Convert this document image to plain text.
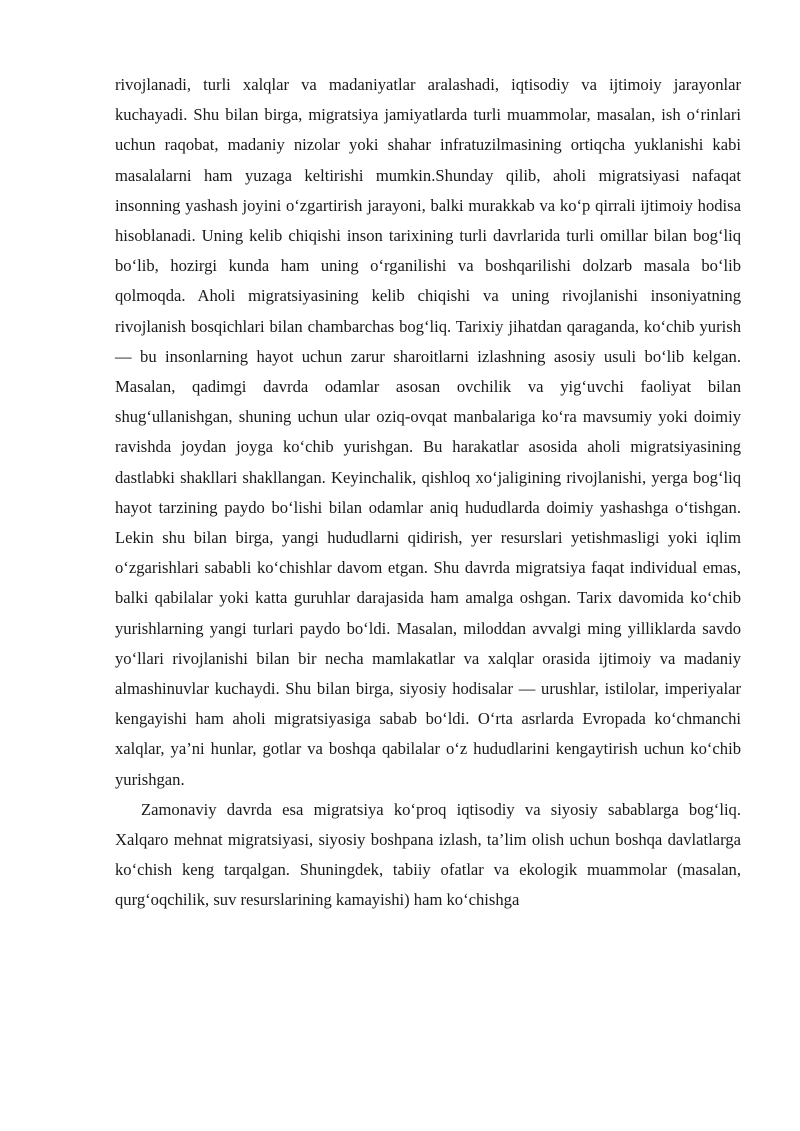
rivojlanadi, turli xalqlar va madaniyatlar aralashadi, iqtisodiy va ijtimoiy jarayonlar kuchayadi. Shu bilan birga, migratsiya jamiyatlarda turli muammolar, masalan, ish o‘rinlari uchun raqobat, madaniy nizolar yoki shahar infratuzilmasining ortiqcha yuklanishi kabi masalalarni ham yuzaga keltirishi mumkin.Shunday qilib, aholi migratsiyasi nafaqat insonning yashash joyini o‘zgartirish jarayoni, balki murakkab va ko‘p qirrali ijtimoiy hodisa hisoblanadi. Uning kelib chiqishi inson tarixining turli davrlarida turli omillar bilan bog‘liq bo‘lib, hozirgi kunda ham uning o‘rganilishi va boshqarilishi dolzarb masala bo‘lib qolmoqda. Aholi migratsiyasining kelib chiqishi va uning rivojlanishi insoniyatning rivojlanish bosqichlari bilan chambarchas bog‘liq. Tarixiy jihatdan qaraganda, ko‘chib yurish — bu insonlarning hayot uchun zarur sharoitlarni izlashning asosiy usuli bo‘lib kelgan. Masalan, qadimgi davrda odamlar asosan ovchilik va yig‘uvchi faoliyat bilan shug‘ullanishgan, shuning uchun ular oziq-ovqat manbalariga ko‘ra mavsumiy yoki doimiy ravishda joydan joyga ko‘chib yurishgan. Bu harakatlar asosida aholi migratsiyasining dastlabki shakllari shakllangan. Keyinchalik, qishloq xo‘jaligining rivojlanishi, yerga bog‘liq hayot tarzining paydo bo‘lishi bilan odamlar aniq hududlarda doimiy yashashga o‘tishgan. Lekin shu bilan birga, yangi hududlarni qidirish, yer resurslari yetishmasligi yoki iqlim o‘zgarishlari sababli ko‘chishlar davom etgan. Shu davrda migratsiya faqat individual emas, balki qabilalar yoki katta guruhlar darajasida ham amalga oshgan. Tarix davomida ko‘chib yurishlarning yangi turlari paydo bo‘ldi. Masalan, miloddan avvalgi ming yilliklarda savdo yo‘llari rivojlanishi bilan bir necha mamlakatlar va xalqlar orasida ijtimoiy va madaniy almashinuvlar kuchaydi. Shu bilan birga, siyosiy hodisalar — urushlar, istilolar, imperiyalar kengayishi ham aholi migratsiyasiga sabab bo‘ldi. O‘rta asrlarda Evropada ko‘chmanchi xalqlar, ya’ni hunlar, gotlar va boshqa qabilalar o‘z hududlarini kengaytirish uchun ko‘chib yurishgan.

Zamonaviy davrda esa migratsiya ko‘proq iqtisodiy va siyosiy sabablarga bog‘liq. Xalqaro mehnat migratsiyasi, siyosiy boshpana izlash, ta’lim olish uchun boshqa davlatlarga ko‘chish keng tarqalgan. Shuningdek, tabiiy ofatlar va ekologik muammolar (masalan, qurg‘oqchilik, suv resurslarining kamayishi) ham ko‘chishga
